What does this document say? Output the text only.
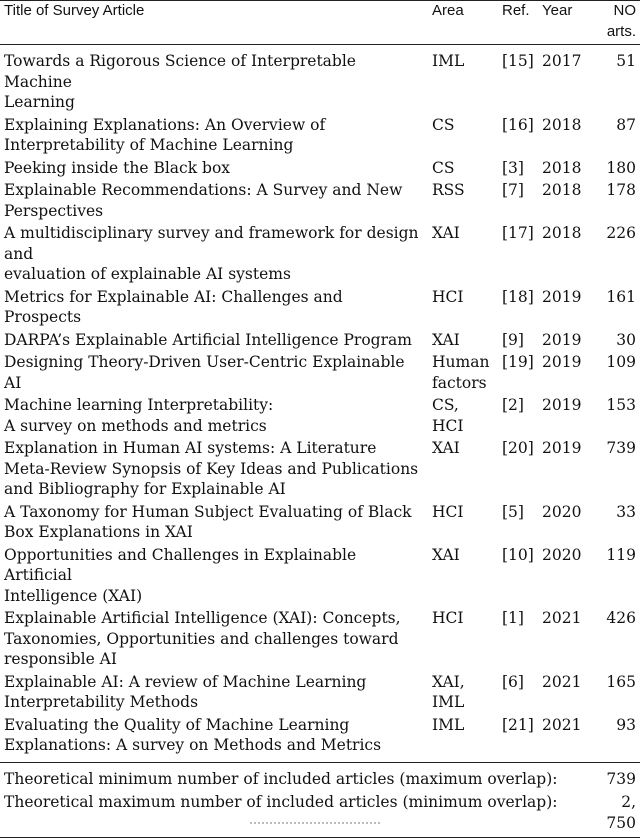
Title of Survey Article	Area	Ref.	Year	NO
arts.
Towards a Rigorous Science of Interpretable Machine
Learning	IML	[15]	2017	51
Explaining Explanations: An Overview of
Interpretability of Machine Learning	CS	[16]	2018	87
Peeking inside the Black box	CS	[3]	2018	180
Explainable Recommendations: A Survey and New
Perspectives	RSS	[7]	2018	178
A multidisciplinary survey and framework for design
and
evaluation of explainable AI systems	XAI	[17]	2018	226
Metrics for Explainable AI: Challenges and Prospects	HCI	[18]	2019	161
DARPA’s Explainable Artificial Intelligence Program	XAI	[9]	2019	30
Designing Theory-Driven User-Centric Explainable AI	Human
factors	[19]	2019	109
Machine learning Interpretability:
A survey on methods and metrics	CS,
HCI	[2]	2019	153
Explanation in Human AI systems: A Literature
Meta-Review Synopsis of Key Ideas and Publications
and Bibliography for Explainable AI	XAI	[20]	2019	739
A Taxonomy for Human Subject Evaluating of Black
Box Explanations in XAI	HCI	[5]	2020	33
Opportunities and Challenges in Explainable Artificial
Intelligence (XAI)	XAI	[10]	2020	119
Explainable Artificial Intelligence (XAI): Concepts,
Taxonomies, Opportunities and challenges toward
responsible AI	HCI	[1]	2021	426
Explainable AI: A review of Machine Learning
Interpretability Methods	XAI,
IML	[6]	2021	165
Evaluating the Quality of Machine Learning
Explanations: A survey on Methods and Metrics	IML	[21]	2021	93
Theoretical minimum number of included articles (maximum overlap):				739
Theoretical maximum number of included articles (minimum overlap):				2, 750
